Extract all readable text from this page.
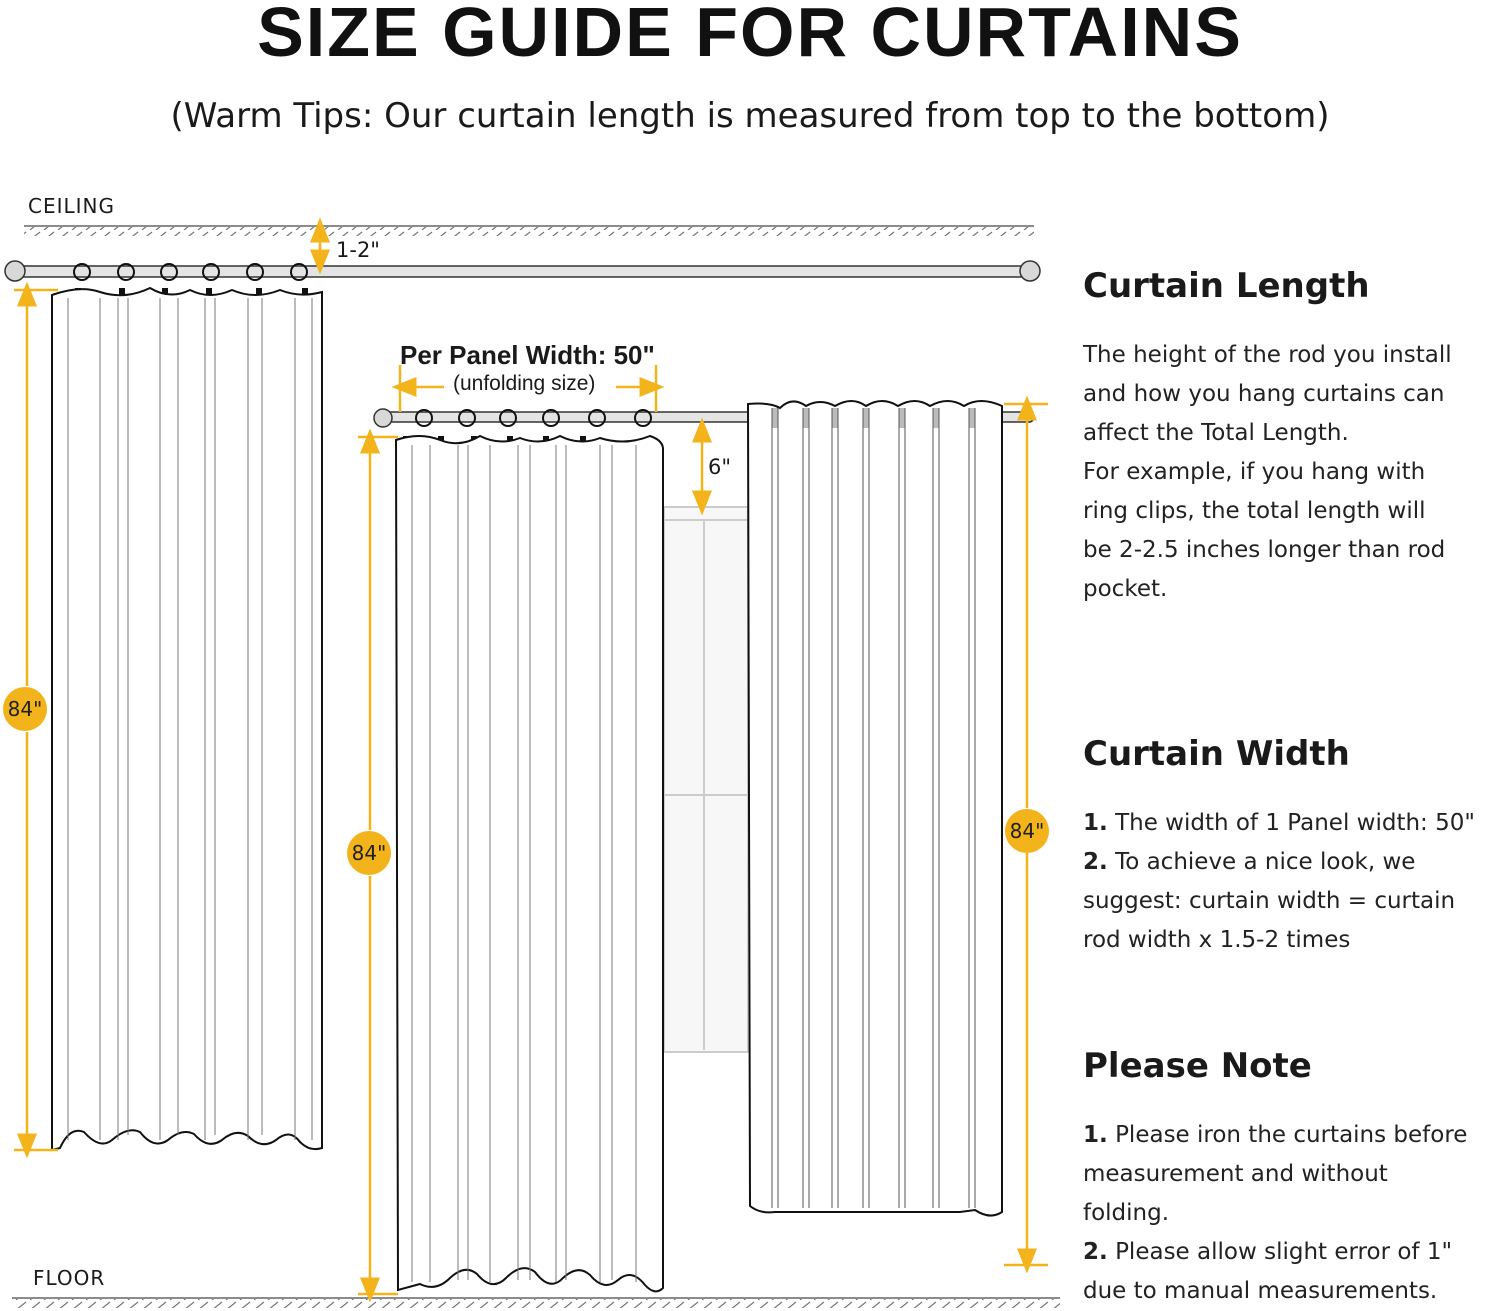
SIZE GUIDE FOR CURTAINS
(Warm Tips: Our curtain length is measured from top to the bottom)
CEILING
FLOOR
1-2"
6"
Per Panel Width: 50"
(unfolding size)
84"
84"
84"
Curtain Length

The height of the rod you install

and how you hang curtains can

affect the Total Length.

For example, if you hang with

ring clips, the total length will

be 2-2.5 inches longer than rod

pocket.

Curtain Width

1. The width of 1 Panel width: 50"

2. To achieve a nice look, we

suggest: curtain width = curtain

rod width x 1.5-2 times

Please Note

1. Please iron the curtains before

measurement and without

folding.

2. Please allow slight error of 1"

due to manual measurements.
